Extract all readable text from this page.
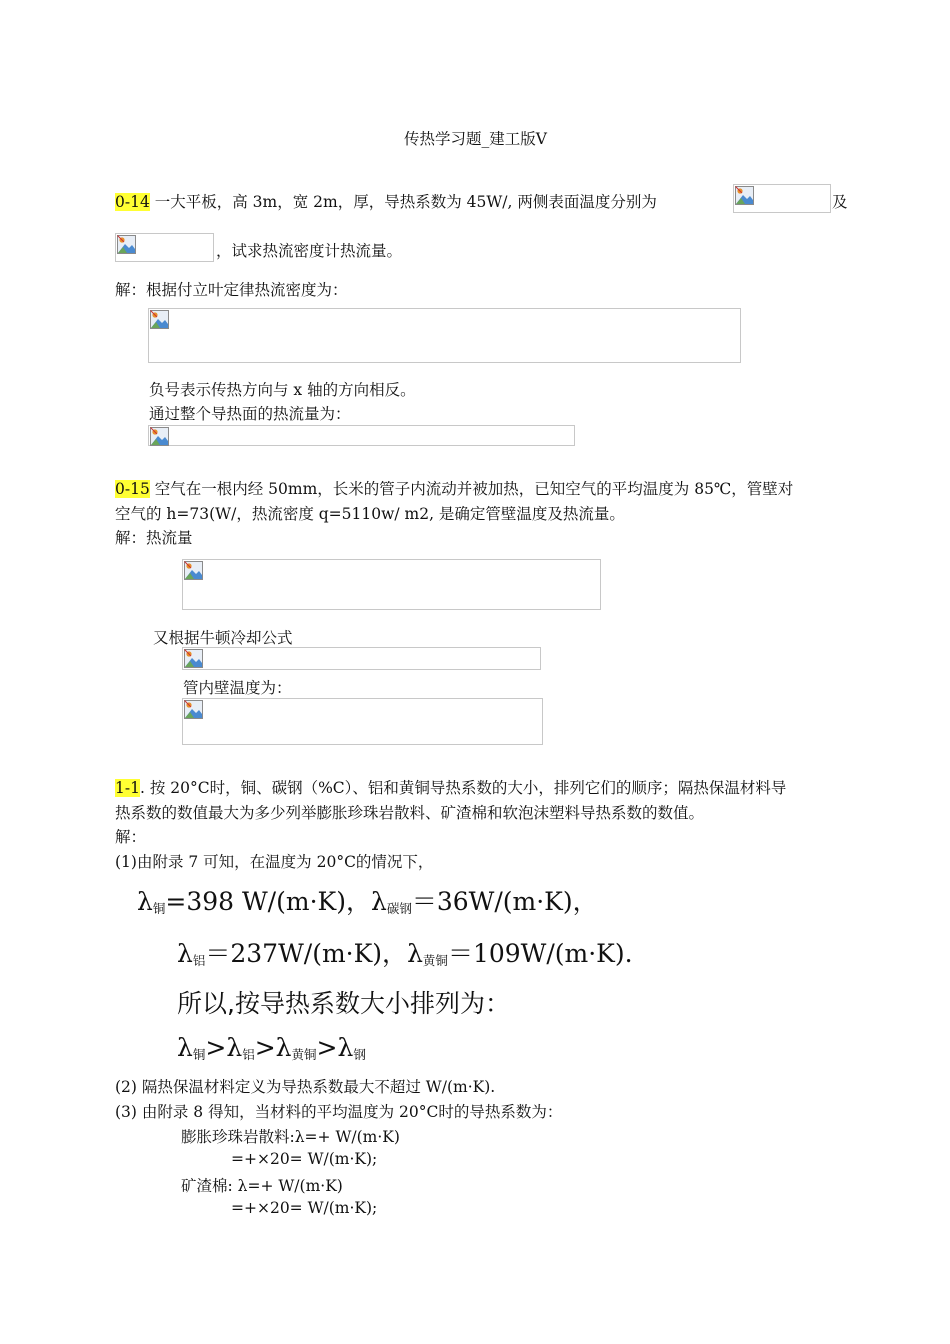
传热学习题_建工版Ⅴ
0-14 一大平板，高 3m，宽 2m，厚，导热系数为 45W/, 两侧表面温度分别为	及
，试求热流密度计热流量。
解：根据付立叶定律热流密度为：
负号表示传热方向与 x 轴的方向相反。
通过整个导热面的热流量为：
0-15 空气在一根内经 50mm，长米的管子内流动并被加热，已知空气的平均温度为 85℃，管壁对
空气的 h=73(W/，热流密度 q=5110w/ m2, 是确定管壁温度及热流量。
解：热流量
又根据牛顿冷却公式
管内壁温度为：
1-1. 按 20°C时，铜、碳钢（%C）、铝和黄铜导热系数的大小，排列它们的顺序；隔热保温材料导
热系数的数值最大为多少列举膨胀珍珠岩散料、矿渣棉和软泡沫塑料导热系数的数值。
解：
(1)由附录 7 可知，在温度为 20°C的情况下，
$\lambda_铜=398$ W/(m·K)，$\lambda_{碳钢}=36W/(m\cdot K)$，
$\lambda_铝=237W/(m\cdot K)$，$\lambda_{黄铜}=109W/(m\cdot K)$.
所以,按导热系数大小排列为：
$\lambda_铜>\lambda_铝>\lambda_{黄铜}>\lambda_钢$
(2) 隔热保温材料定义为导热系数最大不超过 W/(m·K).
(3) 由附录 8 得知，当材料的平均温度为 20°C时的导热系数为：
膨胀珍珠岩散料:λ=+ W/(m·K)
=+×20= W/(m·K);
矿渣棉: λ=+ W/(m·K)
=+×20= W/(m·K);
